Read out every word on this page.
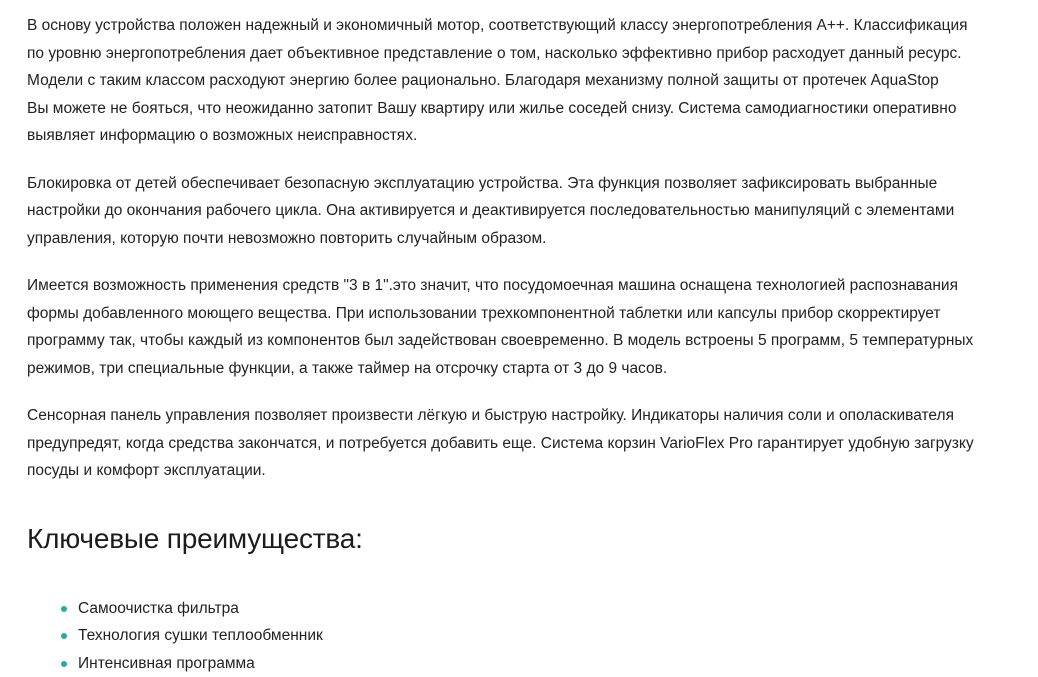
В основу устройства положен надежный и экономичный мотор, соответствующий классу энергопотребления А++. Классификация
по уровню энергопотребления дает объективное представление о том, насколько эффективно прибор расходует данный ресурс.
Модели с таким классом расходуют энергию более рационально. Благодаря механизму полной защиты от протечек AquaStop
Вы можете не бояться, что неожиданно затопит Вашу квартиру или жилье соседей снизу. Система самодиагностики оперативно
выявляет информацию о возможных неисправностях.

Блокировка от детей обеспечивает безопасную эксплуатацию устройства. Эта функция позволяет зафиксировать выбранные
настройки до окончания рабочего цикла. Она активируется и деактивируется последовательностью манипуляций с элементами
управления, которую почти невозможно повторить случайным образом.

Имеется возможность применения средств "3 в 1".это значит, что посудомоечная машина оснащена технологией распознавания
формы добавленного моющего вещества. При использовании трехкомпонентной таблетки или капсулы прибор скорректирует
программу так, чтобы каждый из компонентов был задействован своевременно. В модель встроены 5 программ, 5 температурных
режимов, три специальные функции, а также таймер на отсрочку старта от 3 до 9 часов.

Сенсорная панель управления позволяет произвести лёгкую и быструю настройку. Индикаторы наличия соли и ополаскивателя
предупредят, когда средства закончатся, и потребуется добавить еще. Система корзин VarioFlex Pro гарантирует удобную загрузку
посуды и комфорт эксплуатации.

Ключевые преимущества:
Самоочистка фильтра
Технология сушки теплообменник
Интенсивная программа
